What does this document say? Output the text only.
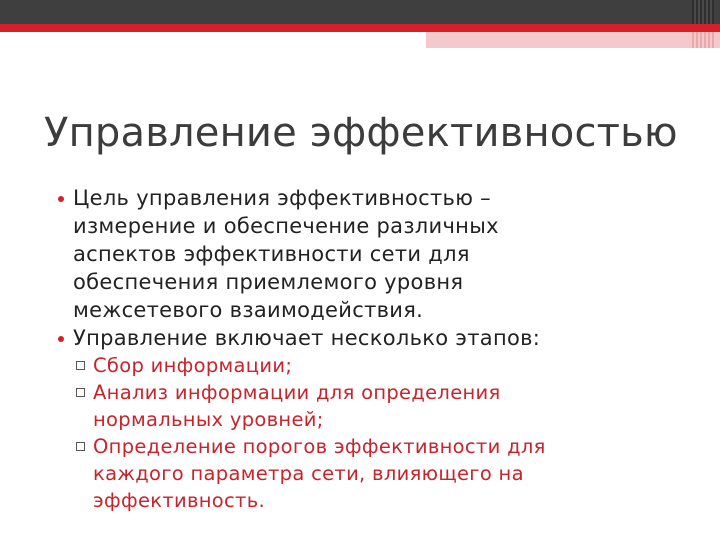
Управление эффективностью
Цель управления эффективностью –
измерение и обеспечение различных
аспектов эффективности сети для
обеспечения приемлемого уровня
межсетевого взаимодействия.
Управление включает несколько этапов:
Сбор информации;
Анализ информации для определения
нормальных уровней;
Определение порогов эффективности для
каждого параметра сети, влияющего на
эффективность.
